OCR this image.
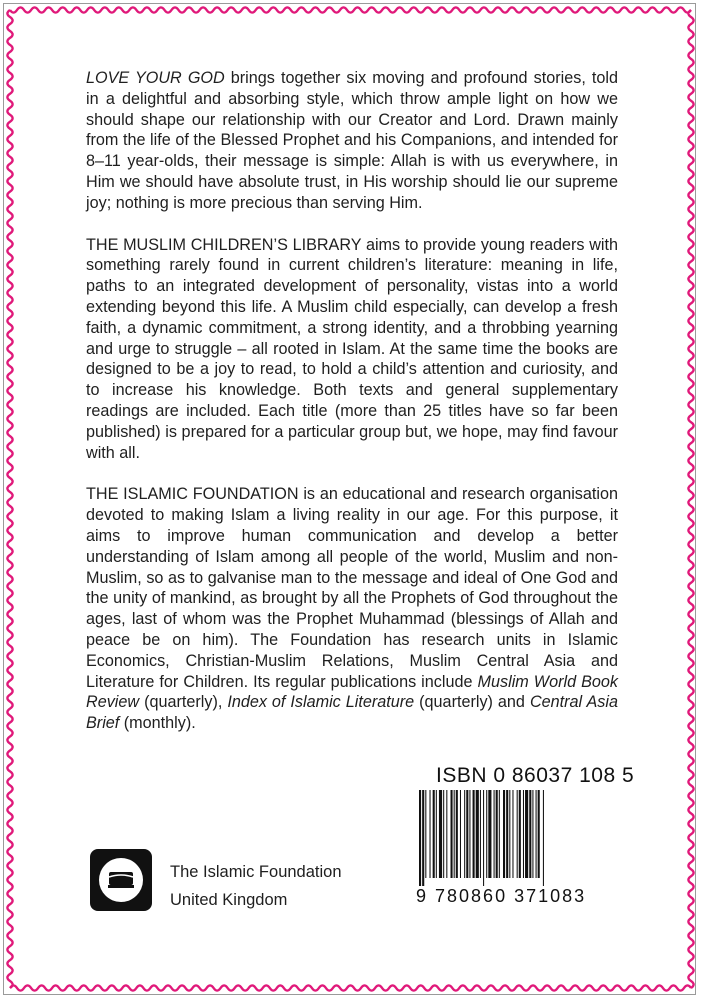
LOVE YOUR GOD brings together six moving and profound stories, told in a delightful and absorbing style, which throw ample light on how we should shape our relationship with our Creator and Lord. Drawn mainly from the life of the Blessed Prophet and his Companions, and intended for 8–11 year-olds, their message is simple: Allah is with us everywhere, in Him we should have absolute trust, in His worship should lie our supreme joy; nothing is more precious than serving Him.

THE MUSLIM CHILDREN’S LIBRARY aims to provide young readers with something rarely found in current children’s literature: meaning in life, paths to an integrated development of personality, vistas into a world extending beyond this life. A Muslim child especially, can develop a fresh faith, a dynamic commitment, a strong identity, and a throbbing yearning and urge to struggle – all rooted in Islam. At the same time the books are designed to be a joy to read, to hold a child’s attention and curiosity, and to increase his knowledge. Both texts and general supplementary readings are included. Each title (more than 25 titles have so far been published) is prepared for a particular group but, we hope, may find favour with all.

THE ISLAMIC FOUNDATION is an educational and research organisation devoted to making Islam a living reality in our age. For this purpose, it aims to improve human communication and develop a better understanding of Islam among all people of the world, Muslim and non-Muslim, so as to galvanise man to the message and ideal of One God and the unity of mankind, as brought by all the Prophets of God throughout the ages, last of whom was the Prophet Muhammad (blessings of Allah and peace be on him). The Foundation has research units in Islamic Economics, Christian-Muslim Relations, Muslim Central Asia and Literature for Children. Its regular publications include Muslim World Book Review (quarterly), Index of Islamic Literature (quarterly) and Central Asia Brief (monthly).

ISBN 0 86037 108 5
9 780860 371083
The Islamic Foundation
United Kingdom
